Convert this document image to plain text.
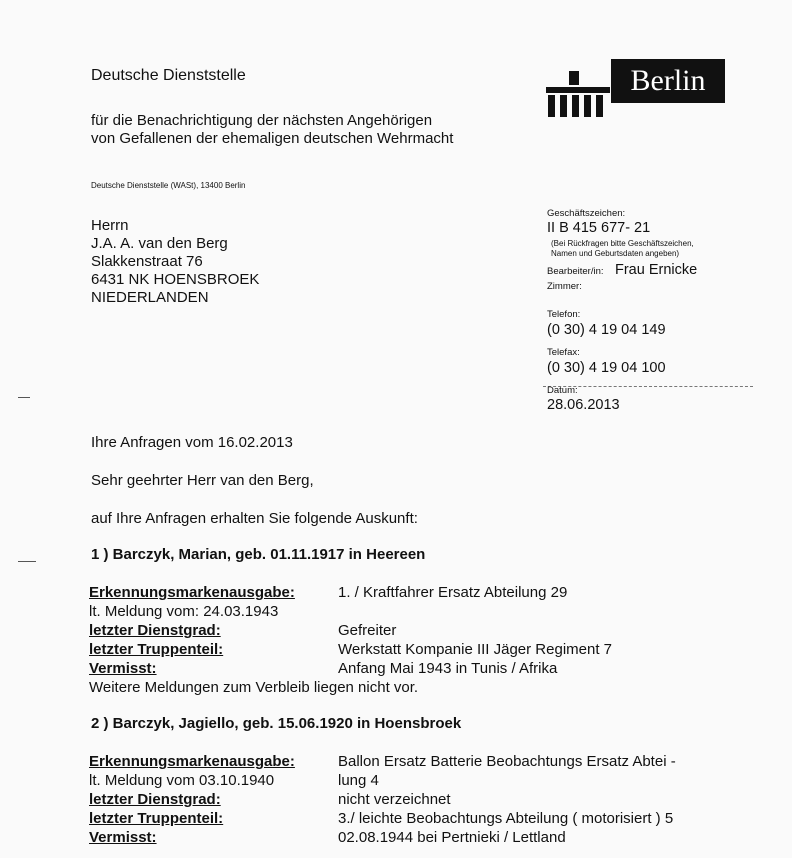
Deutsche Dienststelle
für die Benachrichtigung der nächsten Angehörigen
von Gefallenen der ehemaligen deutschen Wehrmacht
Berlin
Deutsche Dienststelle (WASt), 13400 Berlin
Herrn
J.A. A. van den Berg
Slakkenstraat 76
6431 NK HOENSBROEK
NIEDERLANDEN
Geschäftszeichen:
II B 415 677- 21
(Bei Rückfragen bitte Geschäftszeichen,
Namen und Geburtsdaten angeben)
Bearbeiter/in: Frau Ernicke
Zimmer:
Telefon:
(0 30) 4 19 04 149
Telefax:
(0 30) 4 19 04 100
Datum:
28.06.2013
Ihre Anfragen vom 16.02.2013
Sehr geehrter Herr van den Berg,
auf Ihre Anfragen erhalten Sie folgende Auskunft:
1 ) Barczyk, Marian, geb. 01.11.1917 in Heereen
Erkennungsmarkenausgabe:
lt. Meldung vom: 24.03.1943
letzter Dienstgrad:
letzter Truppenteil:
Vermisst:
1. / Kraftfahrer Ersatz Abteilung 29

Gefreiter
Werkstatt Kompanie III Jäger Regiment 7
Anfang Mai 1943 in Tunis / Afrika
Weitere Meldungen zum Verbleib liegen nicht vor.
2 ) Barczyk, Jagiello, geb. 15.06.1920 in Hoensbroek
Erkennungsmarkenausgabe:
lt. Meldung vom 03.10.1940
letzter Dienstgrad:
letzter Truppenteil:
Vermisst:
Ballon Ersatz Batterie Beobachtungs Ersatz Abtei -
lung 4
nicht verzeichnet
3./ leichte Beobachtungs Abteilung ( motorisiert ) 5
02.08.1944 bei Pertnieki / Lettland
